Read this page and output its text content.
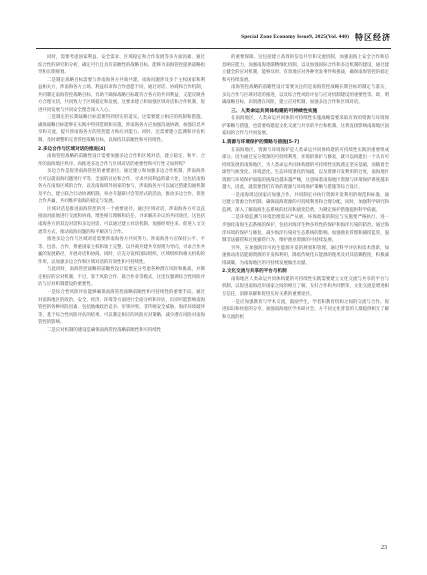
Special Zone Economy Issue9, 2025(Vol. 440) 特区经济

同时，需要考虑国家利益、安全需求、区域稳定和合作发展等多方面因素，通过综合性的研究和分析，确定可行且具有前瞻性的战略目标，能够为南海管控提供战略指导和长期规划。

二是制定战略目标需要与涉南海各方共商共建。南海问题涉及多个主权国家和利益相关方，涉南海各方立场、利益诉求和合作意愿不同，通过对话、协商和合作机制，共同制定南海管控战略目标，有助于确保战略目标既符合各方的共同利益，又能反映各方合理关切，共同致力于区域稳定和发展。这要求建立和加强区域对话和合作机制，促进共同发展与共同安全理念深入人心。

三是制定的长期战略目标需要得到切实的落实。这需要建立相应的机制和措施，确保战略目标能够在实践中得到贯彻和实施，涉南海各方应加强沟通协调，加强信息共享和交流，提升涉南海各方的管控能力和应对能力。同时，还需要建立监测和评估机制，及时调整和完善管控战略目标，以保持其前瞻性和可持续性。

2.多边合作与区域对话的推进[4]

南海管控战略的前瞻性设计需要加强多边合作和区域对话，建立稳定、和平、合作的南海地区秩序。尚推进多边合作与区域对话的重要性和可行性又如何呢？

多边合作是促进南海管控的重要途径。通过建立和加强多边合作机制，涉南海各方可以就南海问题进行平等、全面的讨论和合作，寻求共同利益的最大化，这包括南海各方在南海区域的合作，以及南海域外国家的参与，涉南海各方可以通过搭建沟通机制及平台、建立联合行动协调机制，举办专题研讨会等形式的活动，推动多边合作，促进合作共赢，共同维护南海的稳定与发展。

区域对话是推进南海管控的另一个重要途径。通过区域对话，涉南海各方可以直接面对面地进行交流和协商，增进相互理解和信任，寻求解决争议的共同途径。这包括南海各方的双边对话和多边对话，可以通过建立对话机制、加强经贸往来、促进人文交流等方式，推动南海问题的和平解决与合作。

推进多边合作与区域对话需要涉南海各方共同努力。涉南海各方应保持公平、平等、包容、合作，尊重国家主权和领土完整，以共商共建共享原则为导向，寻求合作共赢的发展路径，开展对话和协商。同时，应充分发挥国际组织、区域组织和相关机构的作用，以加强多边合作和区域对话的有效性和可持续性。

与此同时，南海管控战略的前瞻性设计需要充分考虑各种潜在风险和挑战，并制定相应的应对机制，不过，鉴于风险合作、联合作业等模式，这里仅强调综合性风险评估与应对机制建设的重要性。

一是综合性风险评估能够确保南海管控战略前瞻性和可持续性的重要手段。通过对南海地区的政治、安全、经济、环境等方面进行全面分析和评估，识别可能影响南海管控的各种风险因素，包括地缘政治竞争、军事冲突、非传统安全威胁、海洋环境破坏等，基于综合性风险评估的结果，可以制定相应的风险应对策略，减少潜在风险对南海管控的影响。

二是应对机制的建设是确保南海管控战略前瞻性和可持续性

的重要保障。这包括建立高效的信息共享和交流机制，加强南海上安全合作和信息响应能力，加强南海逐渐精细化机制，以及加强国际合作和多边机制的建设，通过建立健全的应对机制，能够及时、有效地应对各种突发事件和挑战，确保南海管控的稳定和可持续发展。

南海管控战略的前瞻性设计需要关注的是南海管控战略长期目标的制定与落实，多边合作与区域对话的推进，以及综合性风险评估与应对机制建设的重要性等。即，明确战略目标，识别潜在风险，建立应对机制，加强多边合作和区域对话。

三、人类命运共同体构建的可持续性实施

在南海地区，人类命运共同体的可持续性实施战略需要采取有效的资源与环境保护策略与措施，也需要构建起文化交流与共享的平台和机制，这将直接影响南海地区国家间的合作与共同发展。

1.资源与环境保护的策略与措施[5-7]

在南海地区，资源与环境保护是人类命运共同体构建的可持续性实践的重要组成部分。因为通过充分资源的可持续利用，环境的保护与修复，就可以构建出一个具有可持续发展的南海地区，为人类命运共同体构建的可持续性实践奠定坚实基础，而随着全球性气候变化、环境恶化、生态环境退化的加剧，以及资源开发利用的过度，南海地区资源与环境保护面临的挑战也越来越严峻，这意味着南海地区资源与环境保护难度越来越大，因此，就需要我们有效的资源与环境保护策略与措施等综合设计。

一是南海周边国家应加强合作，共同制定并执行资源开发利用的规范和标准，通过建立资源合作机制，确保南海资源的可持续利用和合理分配。同时，加强科学研究和监测，深入了解南海生态系统的状况和演变趋势，为制定保护措施提供科学依据。

二是环境监测与环境治理需从严从重，坏保政策的制定与实施要严格执行，进一步强化南海生态系统的保护，包括对海洋生物多样性的保护和海洋污染的防治。通过海洋环境的保护与修复，减少海洋污染对生态系统的影响。加强渔业管理和捕捞监管，遏制非法捕捞和过度捕捞行为，维护渔业资源的可持续发展。

另外，应加强海洋可再生能源开发的规划和管理。通过科学评估和技术创新，加速推动清洁能源资源的开发和利用，降低传统化石能源的使用及对其依赖程度，积极减排减碳，为南海地区的可持续发展做出贡献。

2.文化交流与共享的平台与机制

南海地区人类命运共同体构建的可持续性实践需要建立文化交流与共享的平台与机制，以促进南海沿岸国家之间的相互了解，友好合作和共同繁荣，文化交流是增进相互信任，消除误解和促进友好关系的重要途径。

一是应加强教育与学术交流，鼓励学生、学者和教育机构之间的交流与合作，促进知识和经验的分享，加强南海地区学术研讨会、方不同文化背景的人群提供相互了解和交流的机

23
